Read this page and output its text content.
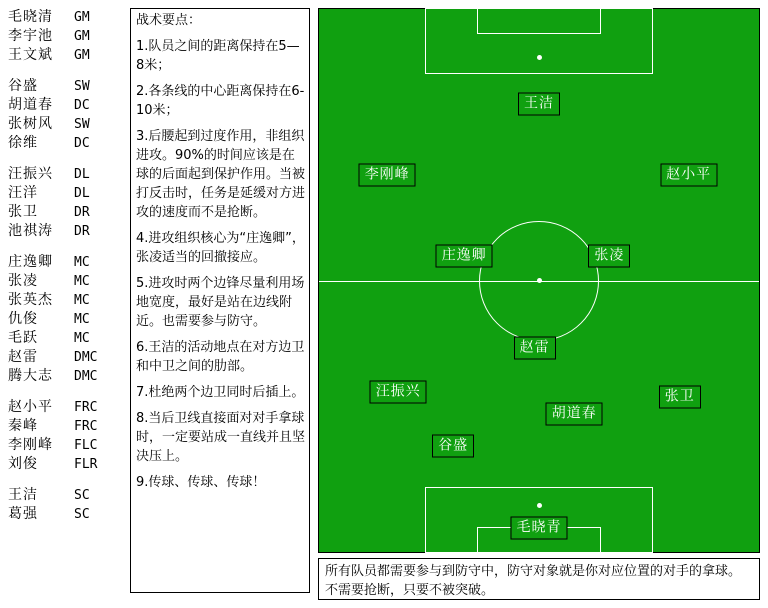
毛晓清 GM
李宇池 GM
王文斌 GM
谷盛	SW
胡道春 DC
张树风 SW
徐维	DC
汪振兴 DL
汪洋	DL
张卫	DR
池祺涛 DR
庄逸卿 MC
张凌	MC
张英杰 MC
仇俊	MC
毛跃	MC
赵雷	DMC
腾大志 DMC
赵小平 FRC
秦峰	FRC
李刚峰 FLC
刘俊	FLR
王洁	SC
葛强	SC

战术要点：

1.队员之间的距离保持在5—8米；

2.各条线的中心距离保持在6-10米；

3.后腰起到过度作用，非组织进攻。90%的时间应该是在球的后面起到保护作用。当被打反击时，任务是延缓对方进攻的速度而不是抢断。

4.进攻组织核心为“庄逸卿”，张凌适当的回撤接应。

5.进攻时两个边锋尽量利用场地宽度，最好是站在边线附近。也需要参与防守。

6.王洁的活动地点在对方边卫和中卫之间的肋部。

7.杜绝两个边卫同时后插上。

8.当后卫线直接面对对手拿球时，一定要站成一直线并且坚决压上。

9.传球、传球、传球！

王洁
李刚峰	赵小平
庄逸卿	张凌
赵雷
汪振兴
胡道春
张卫
谷盛
毛晓青
所有队员都需要参与到防守中，防守对象就是你对应位置的对手的拿球。不需要抢断，只要不被突破。
